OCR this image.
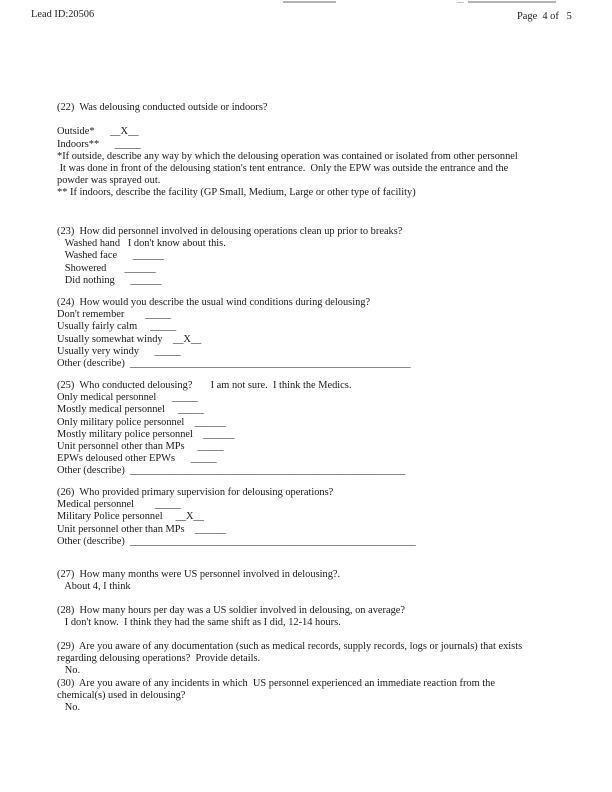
Lead ID:20506	Page  4 of   5
(22)  Was delousing conducted outside or indoors?

Outside*      __X__
Indoors**      _____
*If outside, describe any way by which the delousing operation was contained or isolated from other personnel
It was done in front of the delousing station's tent entrance.  Only the EPW was outside the entrance and the
powder was sprayed out.
** If indoors, describe the facility (GP Small, Medium, Large or other type of facility)
(23)  How did personnel involved in delousing operations clean up prior to breaks?
Washed hand   I don't know about this.
Washed face      ______
Showered       ______
Did nothing      ______
(24)  How would you describe the usual wind conditions during delousing?
Don't remember        _____
Usually fairly calm     _____
Usually somewhat windy    __X__
Usually very windy      _____
Other (describe)  ______________________________________________________
(25)  Who conducted delousing?       I am not sure.  I think the Medics.
Only medical personnel      _____
Mostly medical personnel     _____
Only military police personnel    ______
Mostly military police personnel    ______
Unit personnel other than MPs     _____
EPWs deloused other EPWs      _____
Other (describe)  _____________________________________________________
(26)  Who provided primary supervision for delousing operations?
Medical personnel        _____
Military Police personnel     __X__
Unit personnel other than MPs    ______
Other (describe)  _______________________________________________________
(27)  How many months were US personnel involved in delousing?.
About 4, I think
(28)  How many hours per day was a US soldier involved in delousing, on average?
I don't know.  I think they had the same shift as I did, 12-14 hours.
(29)  Are you aware of any documentation (such as medical records, supply records, logs or journals) that exists
regarding delousing operations?  Provide details.
No.
(30)  Are you aware of any incidents in which  US personnel experienced an immediate reaction from the
chemical(s) used in delousing?
No.
